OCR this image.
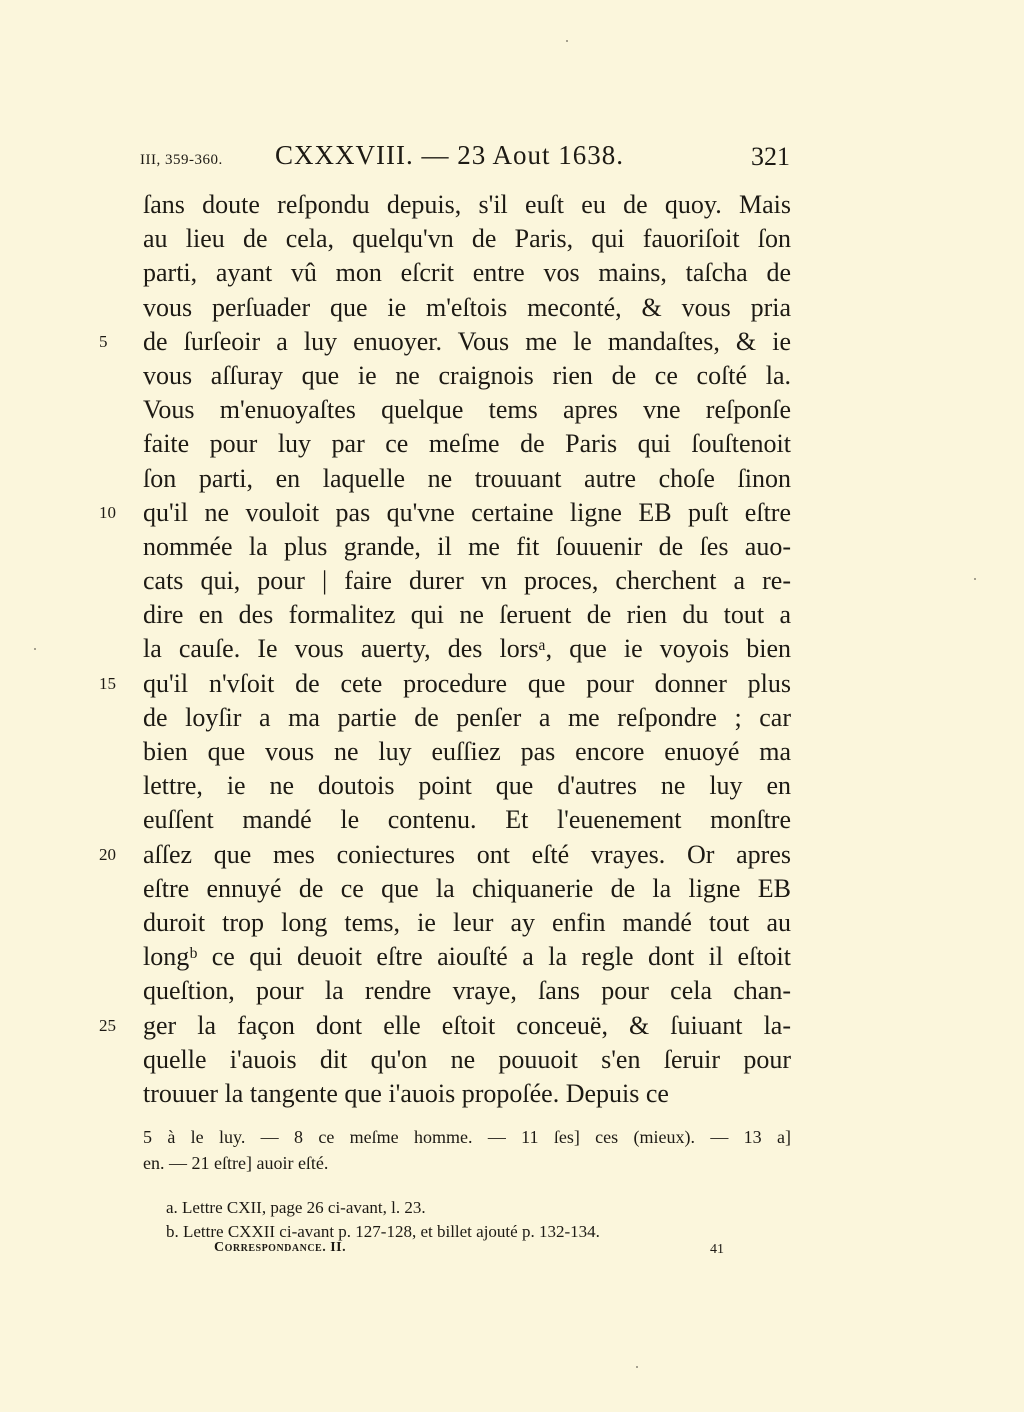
III, 359-360. CXXXVIII. — 23 Aout 1638.	321
ſans doute reſpondu depuis, s'il euſt eu de quoy. Mais
au lieu de cela, quelqu'vn de Paris, qui fauoriſoit ſon
parti, ayant vû mon eſcrit entre vos mains, taſcha de
vous perſuader que ie m'eſtois meconté, & vous pria
5	de ſurſeoir a luy enuoyer. Vous me le mandaſtes, & ie
vous aſſuray que ie ne craignois rien de ce coſté la.
Vous m'enuoyaſtes quelque tems apres vne reſponſe
faite pour luy par ce meſme de Paris qui ſouſtenoit
ſon parti, en laquelle ne trouuant autre choſe ſinon
10	qu'il ne vouloit pas qu'vne certaine ligne EB puſt eſtre
nommée la plus grande, il me fit ſouuenir de ſes auo-
cats qui, pour | faire durer vn proces, cherchent a re-
dire en des formalitez qui ne ſeruent de rien du tout a
la cauſe. Ie vous auerty, des lorsᵃ, que ie voyois bien
15	qu'il n'vſoit de cete procedure que pour donner plus
de loyſir a ma partie de penſer a me reſpondre ; car
bien que vous ne luy euſſiez pas encore enuoyé ma
lettre, ie ne doutois point que d'autres ne luy en
euſſent mandé le contenu. Et l'euenement monſtre
20	aſſez que mes coniectures ont eſté vrayes. Or apres
eſtre ennuyé de ce que la chiquanerie de la ligne EB
duroit trop long tems, ie leur ay enfin mandé tout au
longᵇ ce qui deuoit eſtre aiouſté a la regle dont il eſtoit
queſtion, pour la rendre vraye, ſans pour cela chan-
25	ger la façon dont elle eſtoit conceuë, & ſuiuant la-
quelle i'auois dit qu'on ne pouuoit s'en ſeruir pour
trouuer la tangente que i'auois propoſée. Depuis ce
5 à le luy. — 8 ce meſme homme. — 11 ſes] ces (mieux). — 13 a]
en. — 21 eſtre] auoir eſté.
a. Lettre CXII, page 26 ci-avant, l. 23.
b. Lettre CXXII ci-avant p. 127-128, et billet ajouté p. 132-134.
Correspondance. II.	41
